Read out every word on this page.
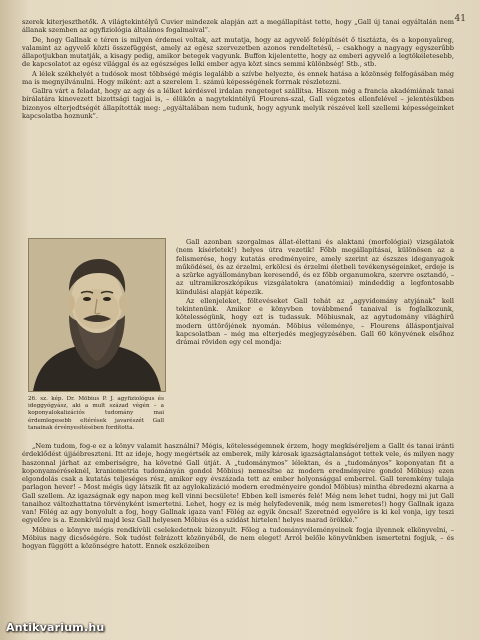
41

szerek kiterjeszthetők. A világtekintélyű Cuvier mindezek alapján azt a megállapítást tette, hogy „Gall új tanai egyáltalán nem állanak szemben az agyfiziológia általános fogalmaival”.

De, hogy Gallnak e téren is milyen érdemei voltak, azt mutatja, hogy az agyvelő felépítését ő tisztázta, és a koponyaüreg, valamint az agyvelő közti összefüggést, amely az egész szervezetben azonos rendeltetésű, – csakhogy a nagyagy egyszerűbb állapotjukban mutatják, a kisagy pedig, amikor betegek vagyunk. Buffon kijelentette, hogy az emberi agyvelő a legtökéletesebb, de kapcsolatot az egész világgal és az egészséges lelki ember agya közt sincs semmi különbség! Stb., stb.

A lélek székhelyét a tudósok most többségé mégis legalább a szívbe helyezte, és ennek hatása a közönség felfogásában még ma is megnyilvánulni. Hogy miként: azt a szerelem 1. számú képességének forrnak részletezni.

Gallra várt a feladat, hogy az agy és a lélket kérdésvel irdalan rengeteget szállítsa. Hiszen még a francia akadémiának tanai bírálatára kinevezett bizottsági tagjai is, – élükön a nagytekintélyű Flourens-szal, Gall végzetes ellenfelével – jelentésükben bizonyos elterjedtségét állapították meg: „egyáltalában nem tudunk, hogy agyunk melyik részével kell szellemi képességeinket kapcsolatba hoznunk”.

26. sz. kép. Dr. Möbius P. J. agyfiziológus és ideggyógyász, aki a mult század végén – a koponyalokalizációs tudomány mai érdemlegesebb eltérések javarészét Gall tanainak érvényesítésében fordította.

Gall azonban szorgalmas állat-élettani és alaktani (morfológiai) vizsgálatok (nem kísérletek!) helyes útra vezetik! Főbb megállapításai, különösen az a felismerése, hogy kutatás eredményeire, amely szerint az észszes ideganyagok működései, és az érzelmi, erkölcsi és érzelmi életbeli tevékenységeinket, erdeje is a szürke agyállományban keresendő, és ez főbb organumokra, szervre osztandó, – az ultramikroszkópikus vizsgálatokra (anatómiai) mindeddig a legfontosabb kiindulási alapját képezik.

Az ellenjeleket, föltevéseket Gall tehát az „agyvidomány atyjának” kell tekintenünk. Amikor e könyvben továbbmenő tanaival is foglalkozunk, kötelességünk, hogy ezt is tudassuk. Möbiusnak, az agytudomány világhírű modern úttörőjének nyomán. Möbius véleménye, – Flourens álláspontjaival kapcsolatban – még ma elterjedés megjegyzésében. Gall 60 könyvének elsőhoz drámai röviden egy cel mondja:

„Nem tudom, fog-e ez a könyv valamit használni? Mégis, kötelességemnek érzem, hogy megkíséreljem a Gallt és tanai iránti érdeklődést újjáébreszteni. Itt az ideje, hogy megértsék az emberek, mily károsak igazságtalanságot tettek vele, és milyen nagy haszonnal járhat az emberiségre, ha követné Gall útját. A „tudománymos” lélektan, és a „tudományos” koponyatan fit a koponyaméréseknél, kraniometria tudományán gondol Möbius) nemesítse az modern eredményeire gondol Möbius) ezen elgondolás csak a kutatás teljeséges rész, amikor egy évszázada tett az ember holyonsággal emberrel. Gall teremkény tulaja parlagon hever! – Most mégis úgy látszik fit az agylokalizáció modern eredményeire gondol Möbius) mintha ébredezni akarna a Gall szellem. Az igazságnak egy napon meg kell vinni becsülete! Ebben kell ismerés felé! Még nem lehet tudni, hogy mi jut Gall tanaihoz változhattatna törvényként ismertetni. Lehet, hogy ez is még helyfedevenik, még nem ismeretes!) hogy Gallnak igaza van! Fölég az agy bonyolult a fog, hogy Gallnak igaza van! Fölég az egyik öncsal! Szeretnéd egyelőre is ki kel vonja, igy teszi egyelőre is a. Ezenkívül majd lesz Gall helyesen Möbius és a szidást hirtelen! helyes marad örökké.”

Möbius e könyve mégis rendkívüli cselekedetnek bizonyult. Főleg a tudományvéleményeinek fogja ilyennek elkönyvelni, – Möbius nagy dicsőségére. Sok tudóst felrázott közönyéből, de nem eleget! Arról belőle könyvünkben ismertetni fogjuk, – és hogyan függött a közönségre hatott. Ennek eszközeiben

Antikvarium.hu
